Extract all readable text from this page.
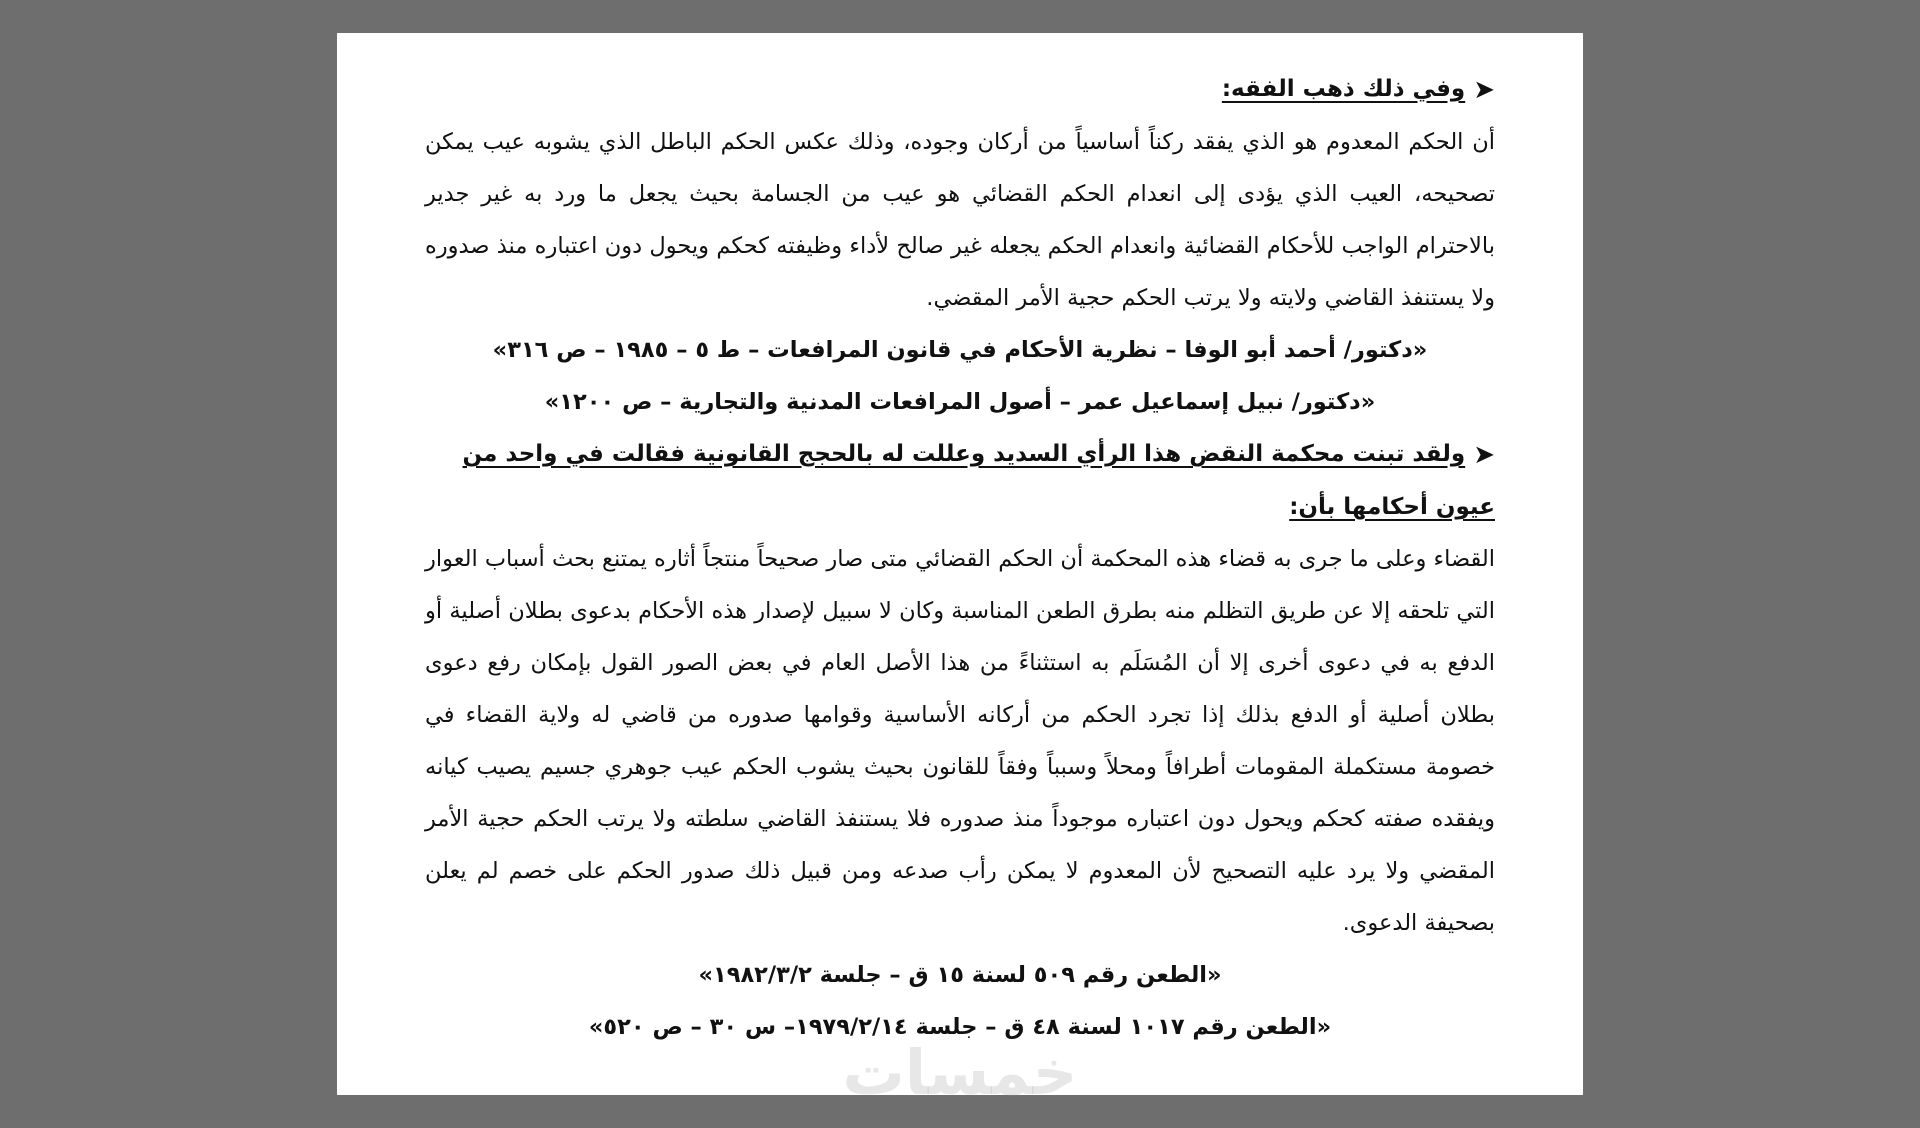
➤وفي ذلك ذهب الفقه:

أن الحكم المعدوم هو الذي يفقد ركناً أساسياً من أركان وجوده، وذلك عكس الحكم الباطل الذي يشوبه عيب يمكن تصحيحه، العيب الذي يؤدى إلى انعدام الحكم القضائي هو عيب من الجسامة بحيث يجعل ما ورد به غير جدير بالاحترام الواجب للأحكام القضائية وانعدام الحكم يجعله غير صالح لأداء وظيفته كحكم ويحول دون اعتباره منذ صدوره ولا يستنفذ القاضي ولايته ولا يرتب الحكم حجية الأمر المقضي.

«دكتور/ أحمد أبو الوفا – نظرية الأحكام في قانون المرافعات – ط ٥ – ١٩٨٥ – ص ٣١٦»

«دكتور/ نبيل إسماعيل عمر – أصول المرافعات المدنية والتجارية – ص ١٢٠٠»

➤ولقد تبنت محكمة النقض هذا الرأي السديد وعللت له بالحجج القانونية فقالت في واحد من عيون أحكامها بأن:

القضاء وعلى ما جرى به قضاء هذه المحكمة أن الحكم القضائي متى صار صحيحاً منتجاً أثاره يمتنع بحث أسباب العوار التي تلحقه إلا عن طريق التظلم منه بطرق الطعن المناسبة وكان لا سبيل لإصدار هذه الأحكام بدعوى بطلان أصلية أو الدفع به في دعوى أخرى إلا أن المُسَلَم به استثناءً من هذا الأصل العام في بعض الصور القول بإمكان رفع دعوى بطلان أصلية أو الدفع بذلك إذا تجرد الحكم من أركانه الأساسية وقوامها صدوره من قاضي له ولاية القضاء في خصومة مستكملة المقومات أطرافاً ومحلاً وسبباً وفقاً للقانون بحيث يشوب الحكم عيب جوهري جسيم يصيب كيانه ويفقده صفته كحكم ويحول دون اعتباره موجوداً منذ صدوره فلا يستنفذ القاضي سلطته ولا يرتب الحكم حجية الأمر المقضي ولا يرد عليه التصحيح لأن المعدوم لا يمكن رأب صدعه ومن قبيل ذلك صدور الحكم على خصم لم يعلن بصحيفة الدعوى.

«الطعن رقم ٥٠٩ لسنة ١٥ ق – جلسة ١٩٨٢/٣/٢»

«الطعن رقم ١٠١٧ لسنة ٤٨ ق – جلسة ١٩٧٩/٢/١٤– س ٣٠ – ص ٥٢٠»

خمسات
